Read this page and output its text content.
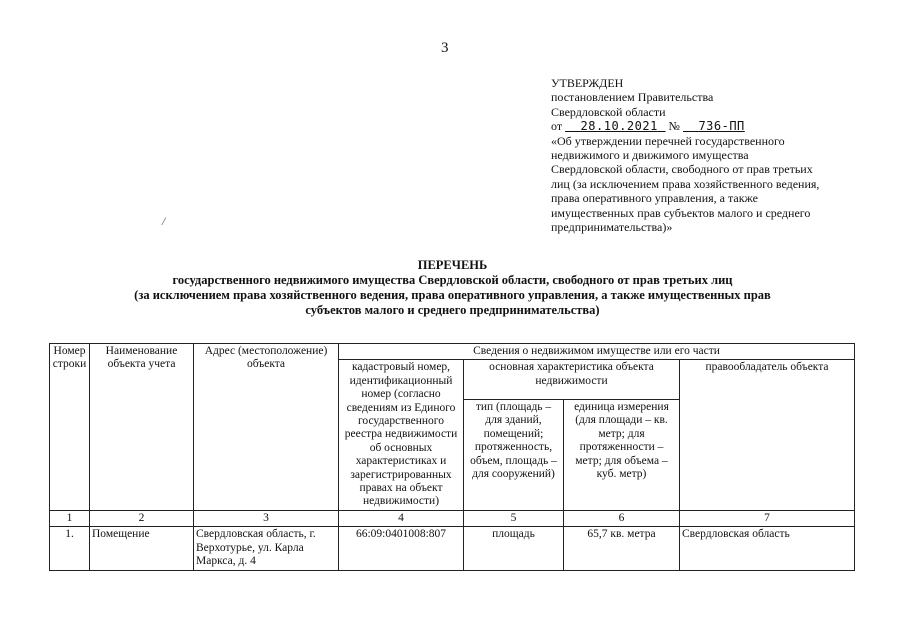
3
УТВЕРЖДЕН
постановлением Правительства
Свердловской области
от 28.10.2021 № 736-ПП
«Об утверждении перечней государственного
недвижимого и движимого имущества
Свердловской области, свободного от прав третьих
лиц (за исключением права хозяйственного ведения,
права оперативного управления, а также
имущественных прав субъектов малого и среднего
предпринимательства)»
/
ПЕРЕЧЕНЬ
государственного недвижимого имущества Свердловской области, свободного от прав третьих лиц
(за исключением права хозяйственного ведения, права оперативного управления, а также имущественных прав
субъектов малого и среднего предпринимательства)
Номер строки	Наименование объекта учета	Адрес (местоположение) объекта	Сведения о недвижимом имуществе или его части			
			кадастровый номер, идентификационный номер (согласно сведениям из Единого государственного реестра недвижимости об основных характеристиках и зарегистрированных правах на объект недвижимости)	основная характеристика объекта недвижимости		правообладатель объекта
				тип (площадь – для зданий, помещений; протяженность, объем, площадь – для сооружений)	единица измерения (для площади – кв. метр; для протяженности – метр; для объема – куб. метр)	
1	2	3	4	5	6	7
1.	Помещение	Свердловская область, г. Верхотурье, ул. Карла Маркса, д. 4	66:09:0401008:807	площадь	65,7 кв. метра	Свердловская область
